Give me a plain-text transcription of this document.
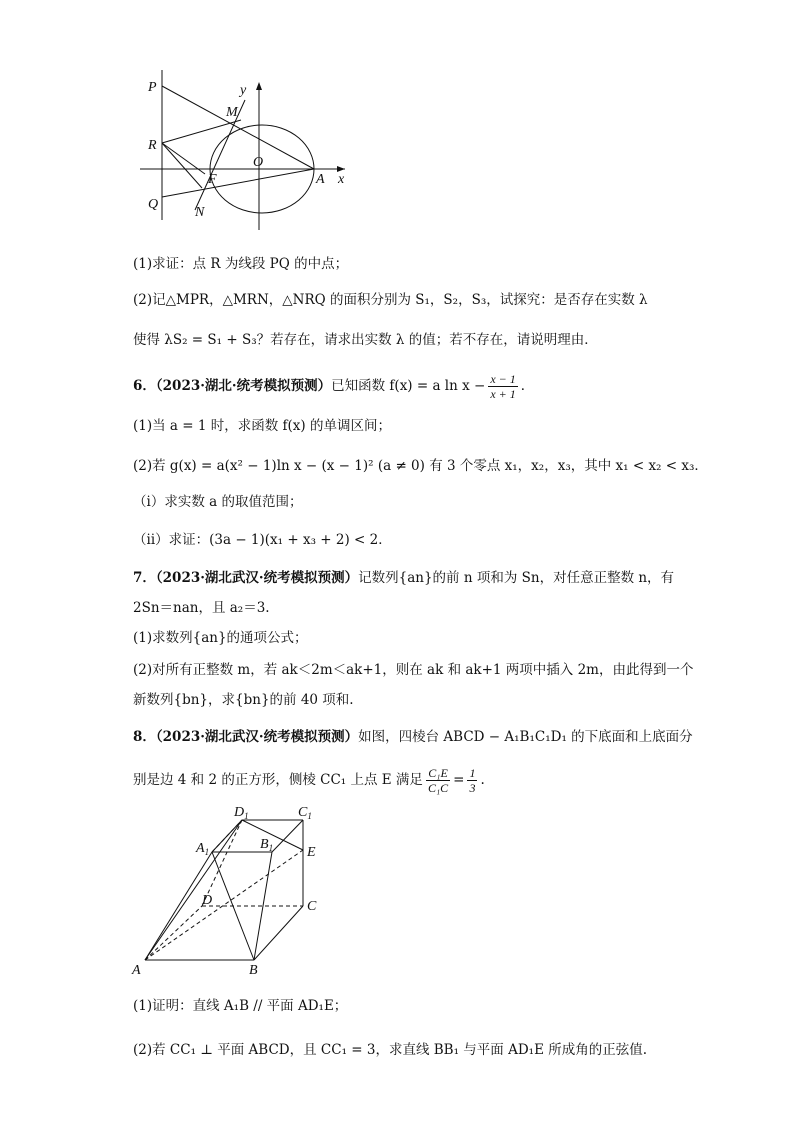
P
R
Q
M
N
O
F	A x
y
(1)求证：点 R 为线段 PQ 的中点；
(2)记△MPR，△MRN，△NRQ 的面积分别为 S₁，S₂，S₃，试探究：是否存在实数 λ
使得 λS₂ = S₁ + S₃？若存在，请求出实数 λ 的值；若不存在，请说明理由．
6．（2023·湖北·统考模拟预测）已知函数 f(x) = a $\ln x - \frac{x - 1}{x + 1}$ ．
(1)当 a = 1 时，求函数 f(x) 的单调区间；
(2)若 g(x) = a(x² − 1)ln x − (x − 1)² (a ≠ 0) 有 3 个零点 x₁，x₂，x₃，其中 x₁ < x₂ < x₃．
（ⅰ）求实数 a 的取值范围；
（ⅱ）求证：(3a − 1)(x₁ + x₃ + 2) < 2．
7．（2023·湖北武汉·统考模拟预测）记数列{an}的前 n 项和为 Sn，对任意正整数 n，有
2Sn＝nan，且 a₂＝3.
(1)求数列{an}的通项公式；
(2)对所有正整数 m，若 ak＜2m＜ak+1，则在 ak 和 ak+1 两项中插入 2m，由此得到一个
新数列{bn}，求{bn}的前 40 项和.
8．（2023·湖北武汉·统考模拟预测）如图，四棱台 ABCD − A₁B₁C₁D₁ 的下底面和上底面分
别是边 4 和 2 的正方形，侧棱 CC₁ 上点 E 满足 $\frac{\text{C₁E}}{\text{C₁C}} = \frac{1}{3}$ .
$D_1$	$C_1$
$A_1$	$B_1$ E
D	C
A	B
(1)证明：直线 A₁B // 平面 AD₁E；
(2)若 CC₁ ⊥ 平面 ABCD，且 CC₁ = 3，求直线 BB₁ 与平面 AD₁E 所成角的正弦值.
